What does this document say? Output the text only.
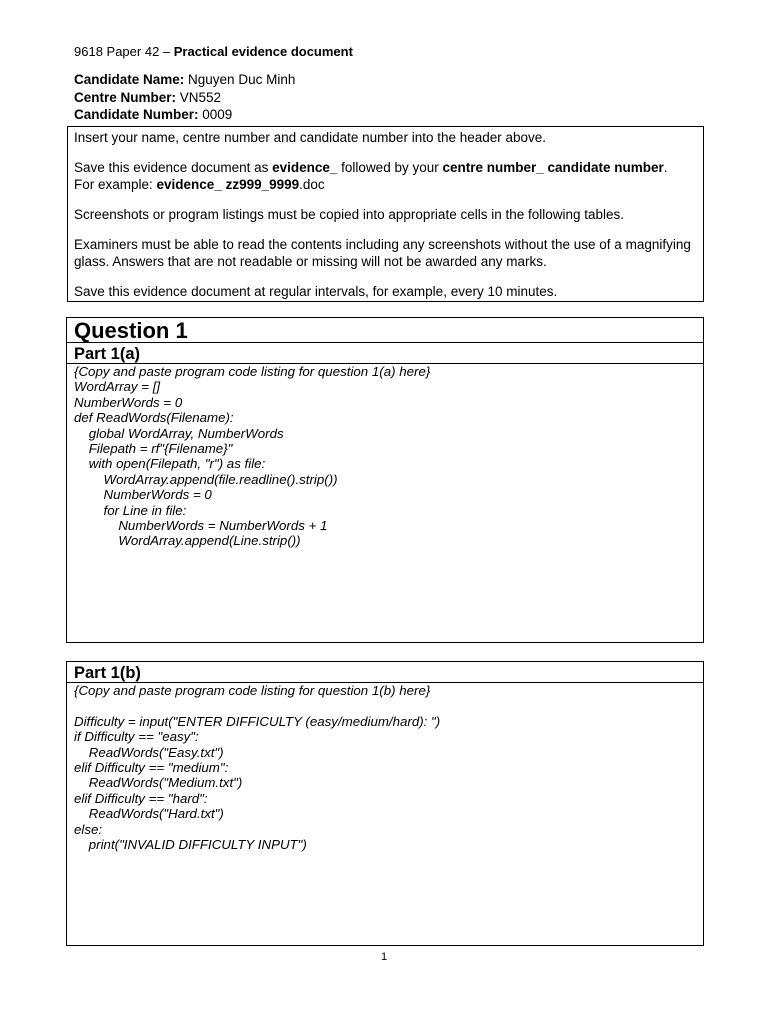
9618 Paper 42 – Practical evidence document
Candidate Name: Nguyen Duc Minh
Centre Number: VN552
Candidate Number: 0009

Insert your name, centre number and candidate number into the header above.

Save this evidence document as evidence_ followed by your centre number_ candidate number.
For example: evidence_ zz999_9999.doc

Screenshots or program listings must be copied into appropriate cells in the following tables.

Examiners must be able to read the contents including any screenshots without the use of a magnifying glass. Answers that are not readable or missing will not be awarded any marks.

Save this evidence document at regular intervals, for example, every 10 minutes.

Question 1
Part 1(a)
{Copy and paste program code listing for question 1(a) here}
WordArray = []
NumberWords = 0
def ReadWords(Filename):
global WordArray, NumberWords
Filepath = rf"{Filename}"
with open(Filepath, "r") as file:
WordArray.append(file.readline().strip())
NumberWords = 0
for Line in file:
NumberWords = NumberWords + 1
WordArray.append(Line.strip())
Part 1(b)
{Copy and paste program code listing for question 1(b) here}
Difficulty = input("ENTER DIFFICULTY (easy/medium/hard): ")
if Difficulty == "easy":
ReadWords("Easy.txt")
elif Difficulty == "medium":
ReadWords("Medium.txt")
elif Difficulty == "hard":
ReadWords("Hard.txt")
else:
print("INVALID DIFFICULTY INPUT")
1
